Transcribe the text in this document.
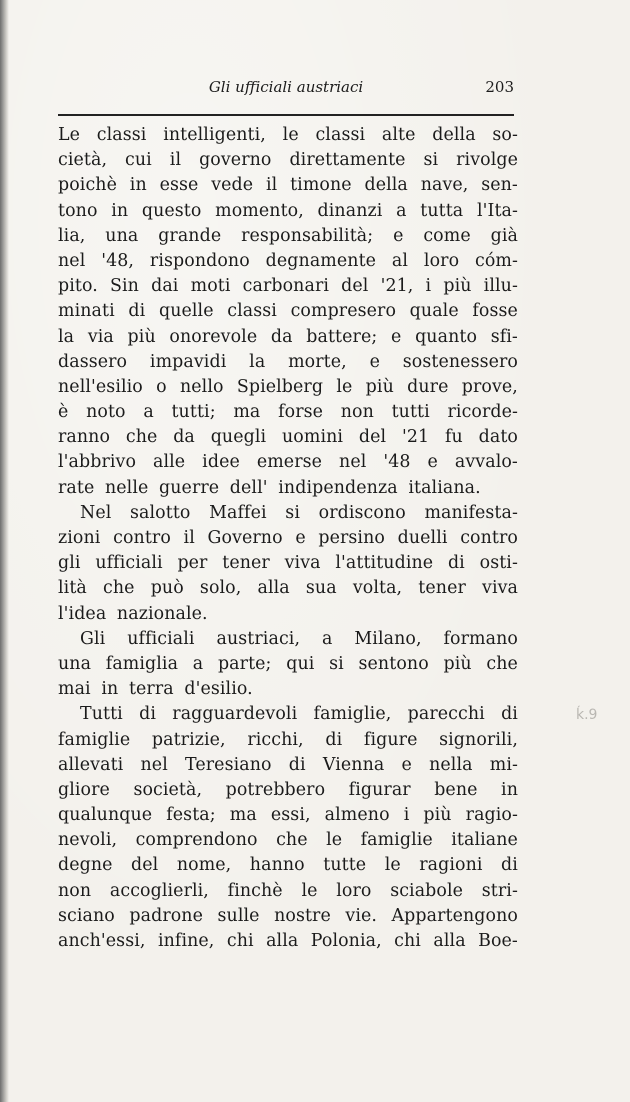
Gli ufficiali austriaci	203
Le classi intelligenti, le classi alte della so-
cietà, cui il governo direttamente si rivolge
poichè in esse vede il timone della nave, sen-
tono in questo momento, dinanzi a tutta l'Ita-
lia, una grande responsabilità; e come già
nel '48, rispondono degnamente al loro cóm-
pito. Sin dai moti carbonari del '21, i più illu-
minati di quelle classi compresero quale fosse
la via più onorevole da battere; e quanto sfi-
dassero impavidi la morte, e sostenessero
nell'esilio o nello Spielberg le più dure prove,
è noto a tutti; ma forse non tutti ricorde-
ranno che da quegli uomini del '21 fu dato
l'abbrivo alle idee emerse nel '48 e avvalo-
rate nelle guerre dell' indipendenza italiana.
Nel salotto Maffei si ordiscono manifesta-
zioni contro il Governo e persino duelli contro
gli ufficiali per tener viva l'attitudine di osti-
lità che può solo, alla sua volta, tener viva
l'idea nazionale.
Gli ufficiali austriaci, a Milano, formano
una famiglia a parte; qui si sentono più che
mai in terra d'esilio.
Tutti di ragguardevoli famiglie, parecchi di
famiglie patrizie, ricchi, di figure signorili,
allevati nel Teresiano di Vienna e nella mi-
gliore società, potrebbero figurar bene in
qualunque festa; ma essi, almeno i più ragio-
nevoli, comprendono che le famiglie italiane
degne del nome, hanno tutte le ragioni di
non accoglierli, finchè le loro sciabole stri-
sciano padrone sulle nostre vie. Appartengono
anch'essi, infine, chi alla Polonia, chi alla Boe-
ḱ.9
